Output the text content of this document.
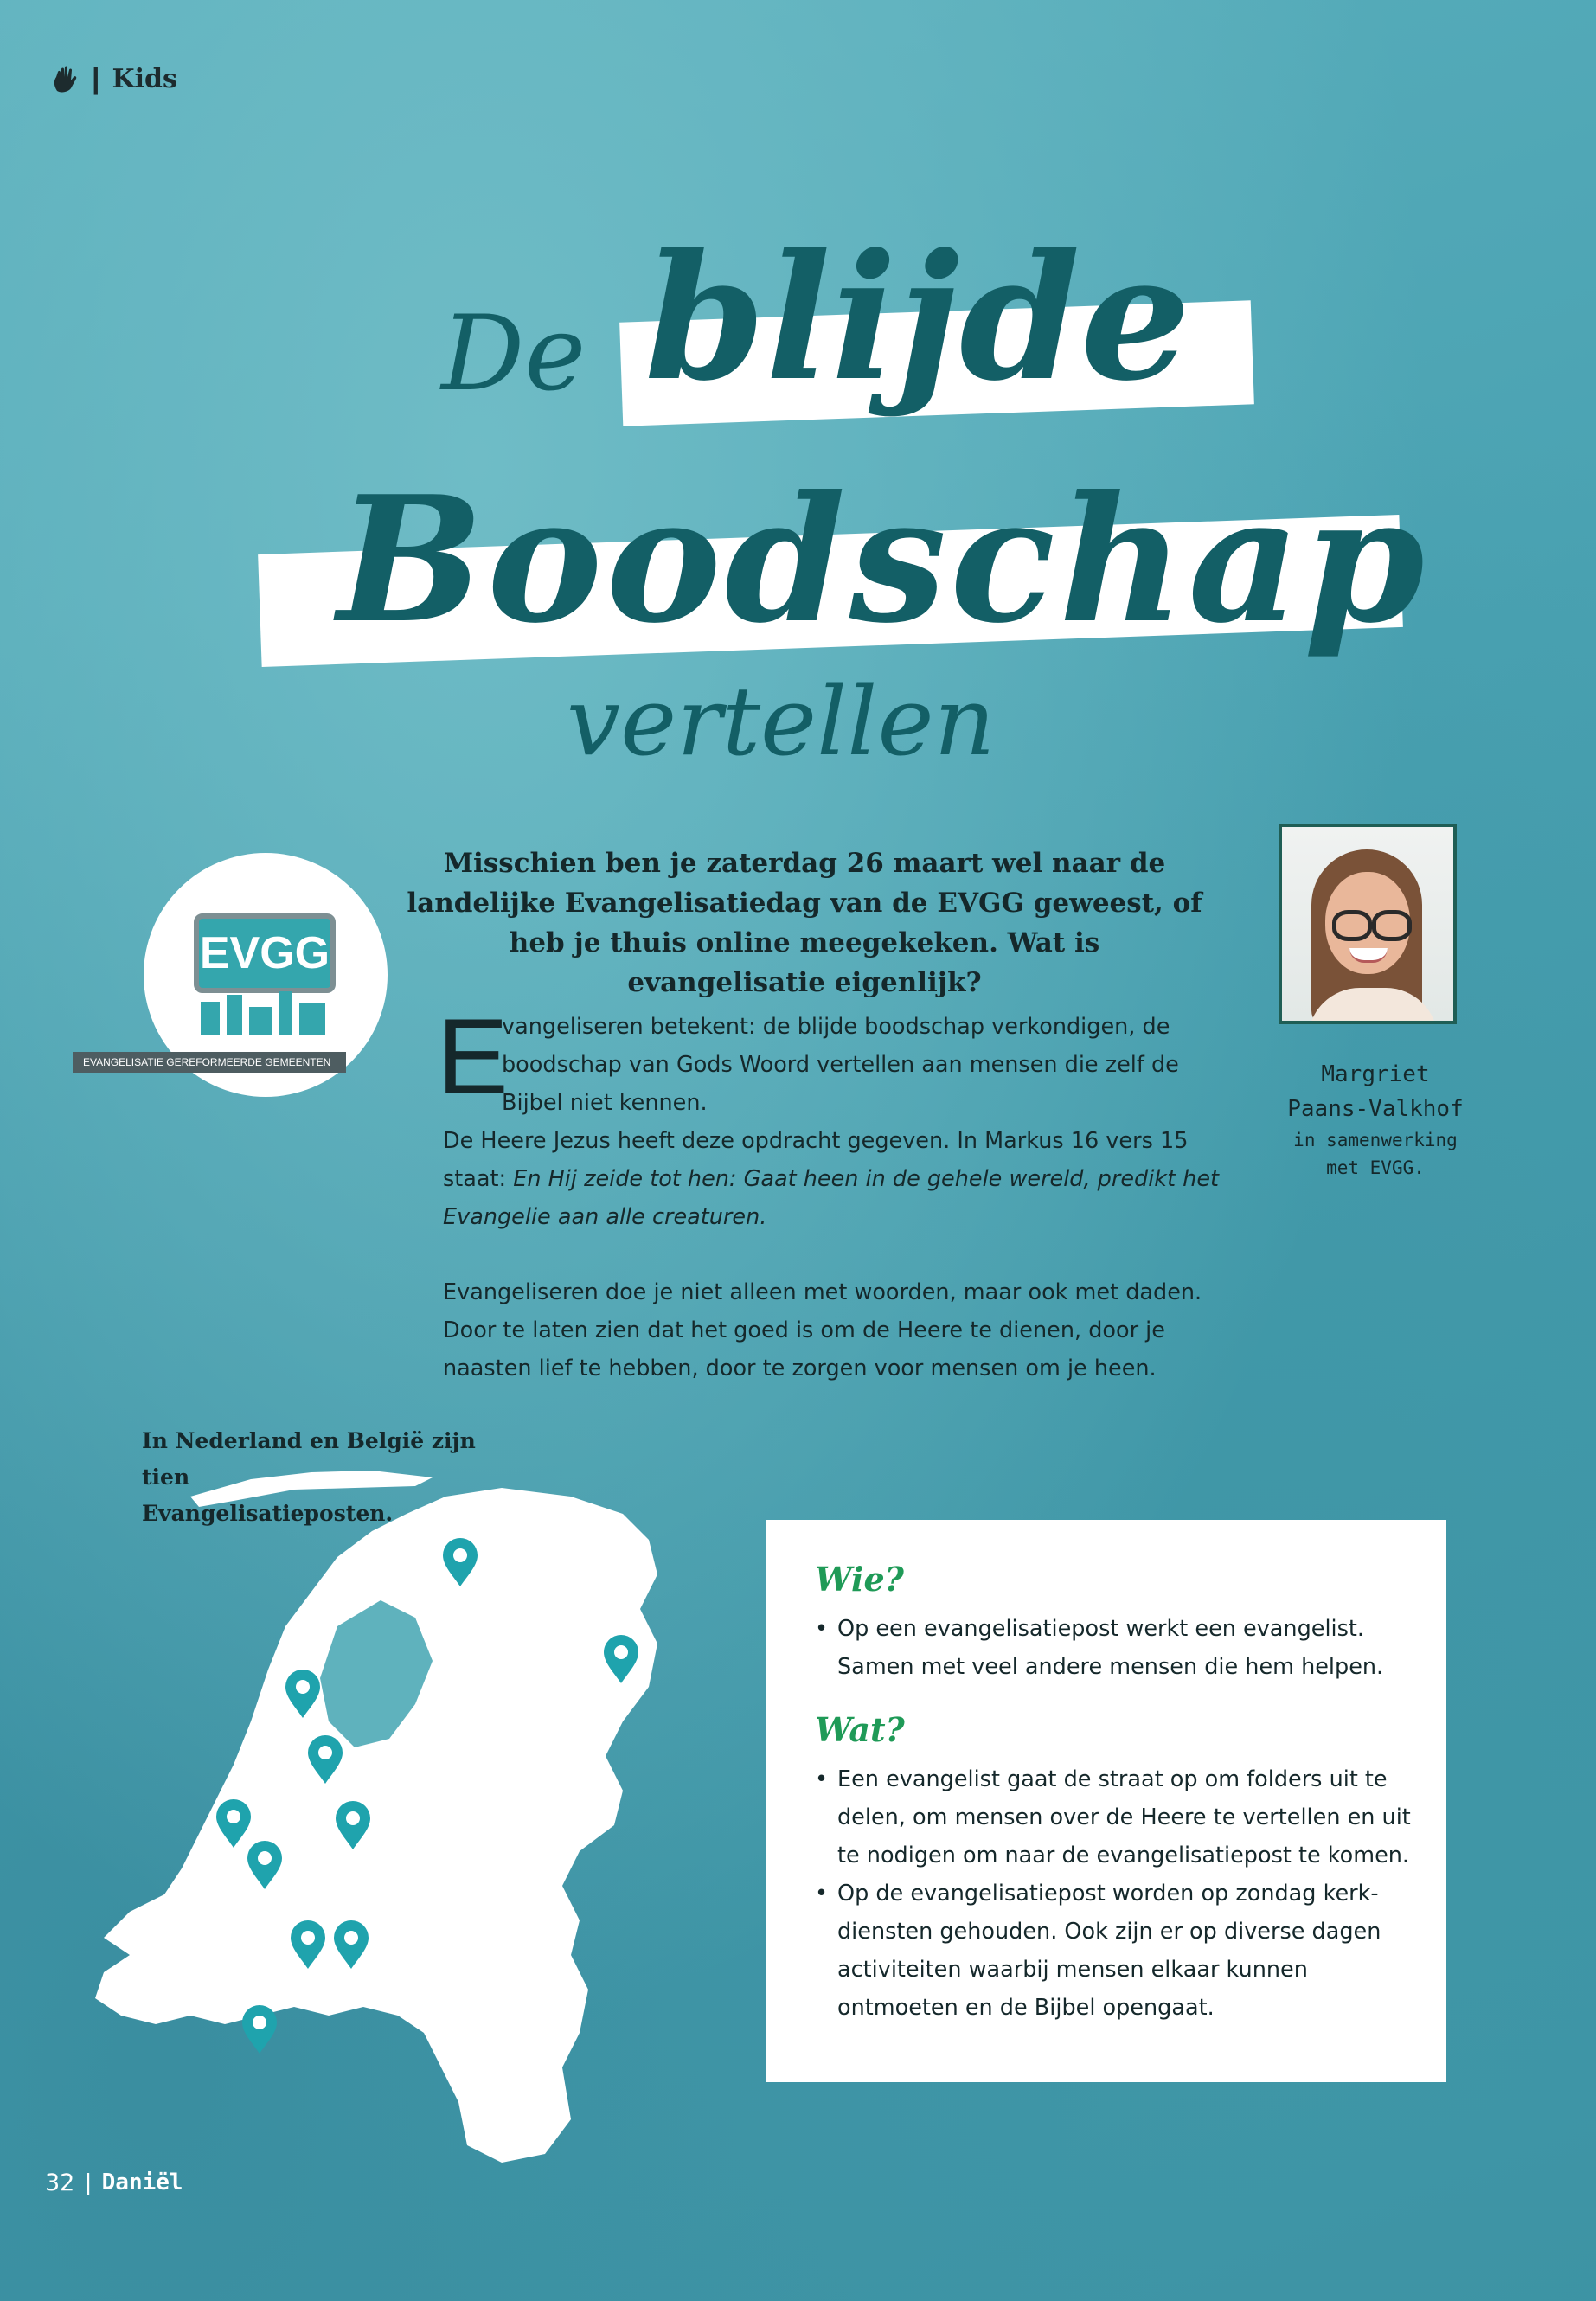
| Kids
De blijde
Boodschap
vertellen
Misschien ben je zaterdag 26 maart wel naar de landelijke Evangelisatiedag van de EVGG geweest, of heb je thuis online meegekeken. Wat is evangelisatie eigenlijk?
EVGG
EVANGELISATIE GEREFORMEERDE GEMEENTEN E
vangeliseren betekent: de blijde boodschap verkondigen, de
boodschap van Gods Woord vertellen aan mensen die zelf de
Bijbel niet kennen.
De Heere Jezus heeft deze opdracht gegeven. In Markus 16 vers 15
staat: En Hij zeide tot hen: Gaat heen in de gehele wereld, predikt het
Evangelie aan alle creaturen.
Evangeliseren doe je niet alleen met woorden, maar ook met daden.
Door te laten zien dat het goed is om de Heere te dienen, door je
naasten lief te hebben, door te zorgen voor mensen om je heen.
Margriet
Paans-Valkhof
in samenwerking
met EVGG.
In Nederland en België zijn tien
Evangelisatieposten.
Wie?
• Op een evangelisatiepost werkt een evangelist.
Samen met veel andere mensen die hem helpen.
Wat?
• Een evangelist gaat de straat op om folders uit te
delen, om mensen over de Heere te vertellen en uit
te nodigen om naar de evangelisatiepost te komen.
• Op de evangelisatiepost worden op zondag kerk-
diensten gehouden. Ook zijn er op diverse dagen
activiteiten waarbij mensen elkaar kunnen
ontmoeten en de Bijbel opengaat.
32 | Daniël
